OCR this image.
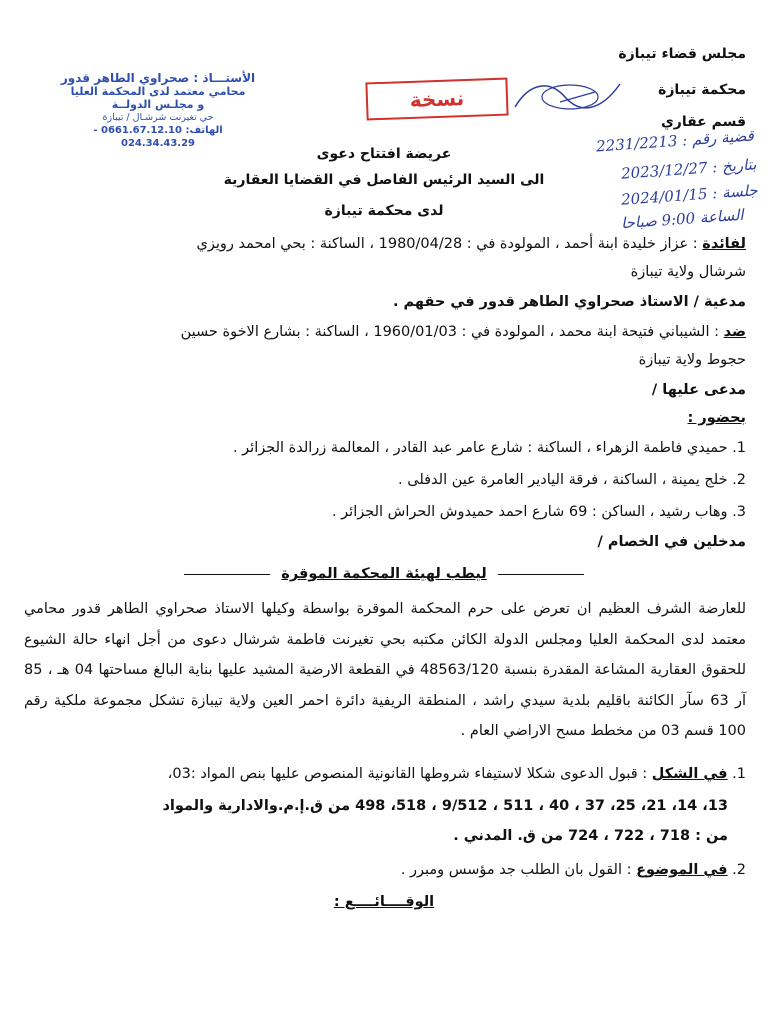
مجلس قضاء تيبازة
محكمة تيبازة
قسم عقاري
الأستـــاذ : صحراوي الطاهر قدور
محامي معتمد لدى المحكمة العليا
و مجلـس الدولــة
حي تغيرنت شرشـال / تيبازة
الهاتف: 0661.67.12.10 - 024.34.43.29
نسخة
قضية رقم : 2231/2213
بتاريخ : 2023/12/27
جلسة : 2024/01/15
الساعة 9:00 صباحا
عريضة افتتاح دعوى
الى السيد الرئيس الفاصل في القضايا العقارية
لدى محكمة تيبازة
لفائدة : عزاز خليدة ابنة أحمد ، المولودة في : 1980/04/28 ، الساكنة : بحي امحمد رويزي
شرشال ولاية تيبازة
مدعية / الاستاذ صحراوي الطاهر قدور في حقهم .
ضد : الشيباني فتيحة ابنة محمد ، المولودة في : 1960/01/03 ، الساكنة : بشارع الاخوة حسين
حجوط ولاية تيبازة
مدعى عليها /
بحضور :
1. حميدي فاطمة الزهراء ، الساكنة : شارع عامر عبد القادر ، المعالمة زرالدة الجزائر .
2. خلج يمينة ، الساكنة ، فرقة اليادير العامرة عين الدفلى .
3. وهاب رشيد ، الساكن : 69 شارع احمد حميدوش الحراش الجزائر .
مدخلين في الخصام /
ليطب لهيئة المحكمة الموقرة
للعارضة الشرف العظيم ان تعرض على حرم المحكمة الموقرة بواسطة وكيلها الاستاذ صحراوي الطاهر قدور محامي معتمد لدى المحكمة العليا ومجلس الدولة الكائن مكتبه بحي تغيرنت فاطمة شرشال دعوى من أجل انهاء حالة الشيوع للحقوق العقارية المشاعة المقدرة بنسبة 48563/120 في القطعة الارضية المشيد عليها بناية البالغ مساحتها 04 هـ ، 85 آر 63 سآر الكائنة باقليم بلدية سيدي راشد ، المنطقة الريفية دائرة احمر العين ولاية تيبازة تشكل مجموعة ملكية رقم 100 قسم 03 من مخطط مسح الاراضي العام .
1. في الشكل : قبول الدعوى شكلا لاستيفاء شروطها القانونية المنصوص عليها بنص المواد :03،
13، 14، 21، 25، 37 ، 40 ، 511 ، 9/512 ، 518، 498 من ق.إ.م.والادارية والمواد
من : 718 ، 722 ، 724 من ق. المدني .
2. في الموضوع : القول بان الطلب جد مؤسس ومبرر .
الوقــــائــــع :
